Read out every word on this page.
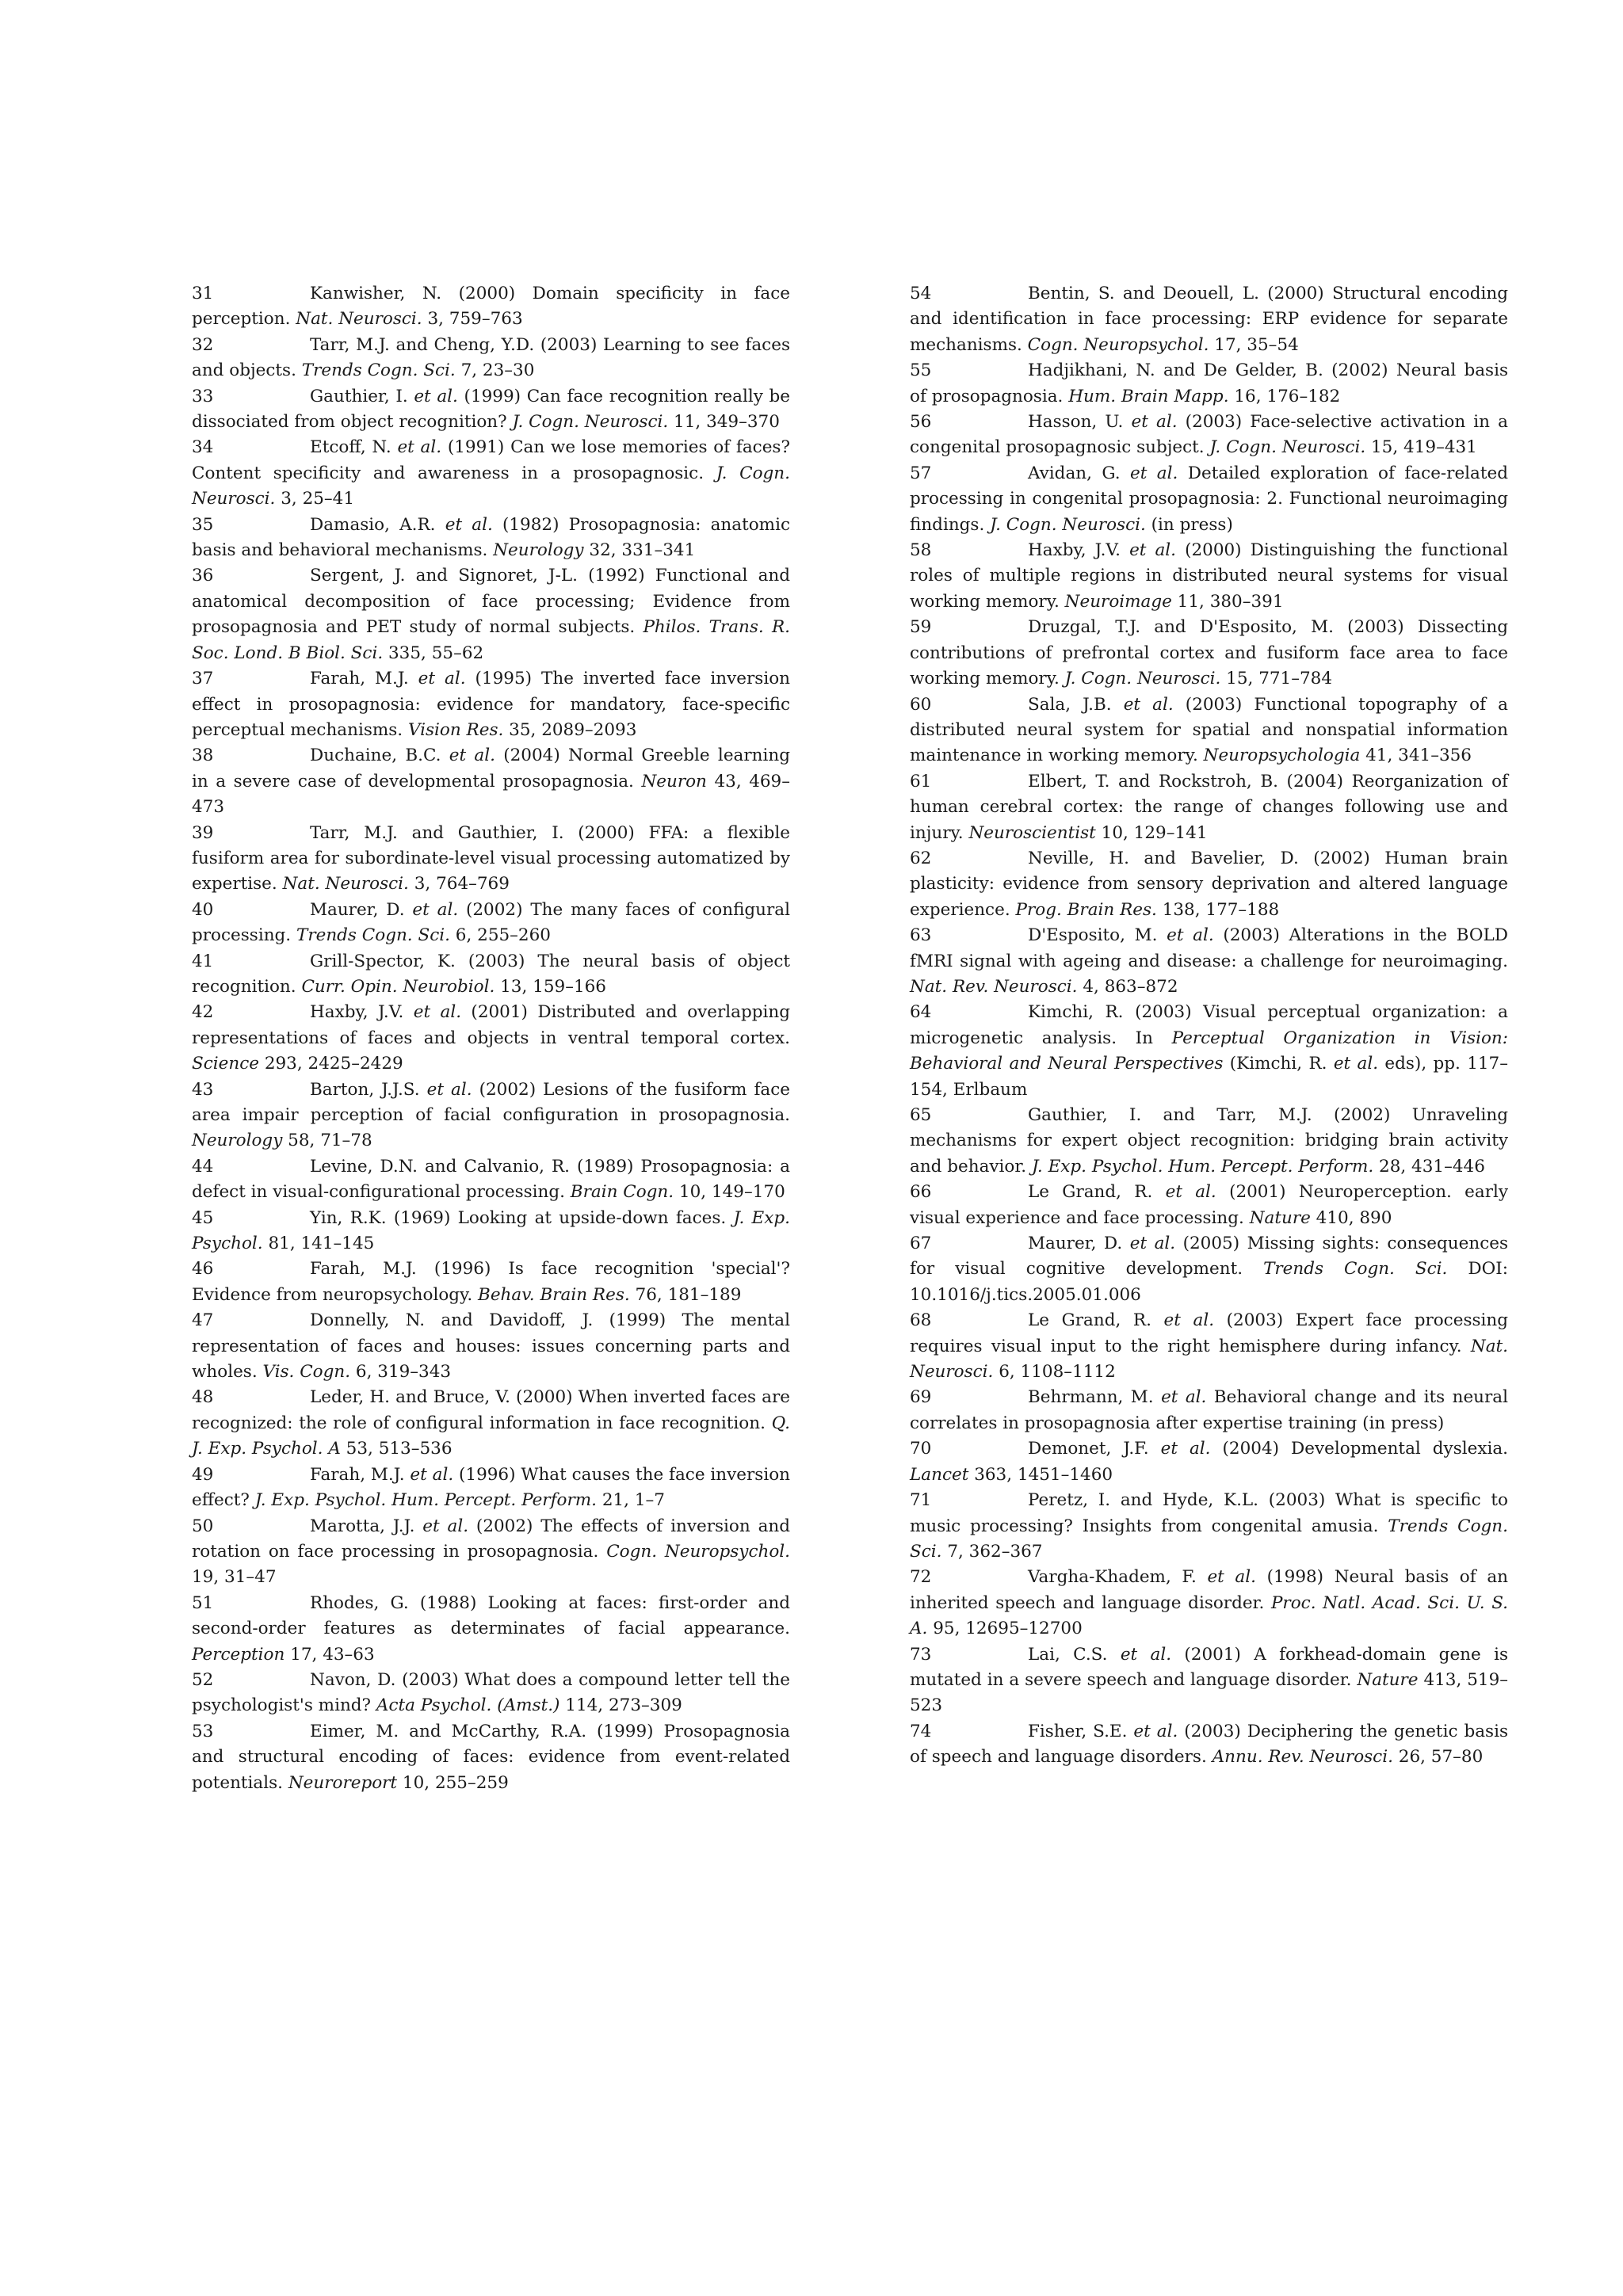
31	Kanwisher, N. (2000) Domain specificity in face perception. Nat. Neurosci. 3, 759–763

32	Tarr, M.J. and Cheng, Y.D. (2003) Learning to see faces and objects. Trends Cogn. Sci. 7, 23–30

33	Gauthier, I. et al. (1999) Can face recognition really be dissociated from object recognition? J. Cogn. Neurosci. 11, 349–370

34	Etcoff, N. et al. (1991) Can we lose memories of faces? Content specificity and awareness in a prosopagnosic. J. Cogn. Neurosci. 3, 25–41

35	Damasio, A.R. et al. (1982) Prosopagnosia: anatomic basis and behavioral mechanisms. Neurology 32, 331–341

36	Sergent, J. and Signoret, J-L. (1992) Functional and anatomical decomposition of face processing; Evidence from prosopagnosia and PET study of normal subjects. Philos. Trans. R. Soc. Lond. B Biol. Sci. 335, 55–62

37	Farah, M.J. et al. (1995) The inverted face inversion effect in prosopagnosia: evidence for mandatory, face-specific perceptual mechanisms. Vision Res. 35, 2089–2093

38	Duchaine, B.C. et al. (2004) Normal Greeble learning in a severe case of developmental prosopagnosia. Neuron 43, 469–473

39	Tarr, M.J. and Gauthier, I. (2000) FFA: a flexible fusiform area for subordinate-level visual processing automatized by expertise. Nat. Neurosci. 3, 764–769

40	Maurer, D. et al. (2002) The many faces of configural processing. Trends Cogn. Sci. 6, 255–260

41	Grill-Spector, K. (2003) The neural basis of object recognition. Curr. Opin. Neurobiol. 13, 159–166

42	Haxby, J.V. et al. (2001) Distributed and overlapping representations of faces and objects in ventral temporal cortex. Science 293, 2425–2429

43	Barton, J.J.S. et al. (2002) Lesions of the fusiform face area impair perception of facial configuration in prosopagnosia. Neurology 58, 71–78

44	Levine, D.N. and Calvanio, R. (1989) Prosopagnosia: a defect in visual-configurational processing. Brain Cogn. 10, 149–170

45	Yin, R.K. (1969) Looking at upside-down faces. J. Exp. Psychol. 81, 141–145

46	Farah, M.J. (1996) Is face recognition 'special'? Evidence from neuropsychology. Behav. Brain Res. 76, 181–189

47	Donnelly, N. and Davidoff, J. (1999) The mental representation of faces and houses: issues concerning parts and wholes. Vis. Cogn. 6, 319–343

48	Leder, H. and Bruce, V. (2000) When inverted faces are recognized: the role of configural information in face recognition. Q. J. Exp. Psychol. A 53, 513–536

49	Farah, M.J. et al. (1996) What causes the face inversion effect? J. Exp. Psychol. Hum. Percept. Perform. 21, 1–7

50	Marotta, J.J. et al. (2002) The effects of inversion and rotation on face processing in prosopagnosia. Cogn. Neuropsychol. 19, 31–47

51	Rhodes, G. (1988) Looking at faces: first-order and second-order features as determinates of facial appearance. Perception 17, 43–63

52	Navon, D. (2003) What does a compound letter tell the psychologist's mind? Acta Psychol. (Amst.) 114, 273–309

53	Eimer, M. and McCarthy, R.A. (1999) Prosopagnosia and structural encoding of faces: evidence from event-related potentials. Neuroreport 10, 255–259

54	Bentin, S. and Deouell, L. (2000) Structural encoding and identification in face processing: ERP evidence for separate mechanisms. Cogn. Neuropsychol. 17, 35–54

55	Hadjikhani, N. and De Gelder, B. (2002) Neural basis of prosopagnosia. Hum. Brain Mapp. 16, 176–182

56	Hasson, U. et al. (2003) Face-selective activation in a congenital prosopagnosic subject. J. Cogn. Neurosci. 15, 419–431

57	Avidan, G. et al. Detailed exploration of face-related processing in congenital prosopagnosia: 2. Functional neuroimaging findings. J. Cogn. Neurosci. (in press)

58	Haxby, J.V. et al. (2000) Distinguishing the functional roles of multiple regions in distributed neural systems for visual working memory. Neuroimage 11, 380–391

59	Druzgal, T.J. and D'Esposito, M. (2003) Dissecting contributions of prefrontal cortex and fusiform face area to face working memory. J. Cogn. Neurosci. 15, 771–784

60	Sala, J.B. et al. (2003) Functional topography of a distributed neural system for spatial and nonspatial information maintenance in working memory. Neuropsychologia 41, 341–356

61	Elbert, T. and Rockstroh, B. (2004) Reorganization of human cerebral cortex: the range of changes following use and injury. Neuroscientist 10, 129–141

62	Neville, H. and Bavelier, D. (2002) Human brain plasticity: evidence from sensory deprivation and altered language experience. Prog. Brain Res. 138, 177–188

63	D'Esposito, M. et al. (2003) Alterations in the BOLD fMRI signal with ageing and disease: a challenge for neuroimaging. Nat. Rev. Neurosci. 4, 863–872

64	Kimchi, R. (2003) Visual perceptual organization: a microgenetic analysis. In Perceptual Organization in Vision: Behavioral and Neural Perspectives (Kimchi, R. et al. eds), pp. 117–154, Erlbaum

65	Gauthier, I. and Tarr, M.J. (2002) Unraveling mechanisms for expert object recognition: bridging brain activity and behavior. J. Exp. Psychol. Hum. Percept. Perform. 28, 431–446

66	Le Grand, R. et al. (2001) Neuroperception. early visual experience and face processing. Nature 410, 890

67	Maurer, D. et al. (2005) Missing sights: consequences for visual cognitive development. Trends Cogn. Sci. DOI: 10.1016/j.tics.2005.01.006

68	Le Grand, R. et al. (2003) Expert face processing requires visual input to the right hemisphere during infancy. Nat. Neurosci. 6, 1108–1112

69	Behrmann, M. et al. Behavioral change and its neural correlates in prosopagnosia after expertise training (in press)

70	Demonet, J.F. et al. (2004) Developmental dyslexia. Lancet 363, 1451–1460

71	Peretz, I. and Hyde, K.L. (2003) What is specific to music processing? Insights from congenital amusia. Trends Cogn. Sci. 7, 362–367

72	Vargha-Khadem, F. et al. (1998) Neural basis of an inherited speech and language disorder. Proc. Natl. Acad. Sci. U. S. A. 95, 12695–12700

73	Lai, C.S. et al. (2001) A forkhead-domain gene is mutated in a severe speech and language disorder. Nature 413, 519–523

74	Fisher, S.E. et al. (2003) Deciphering the genetic basis of speech and language disorders. Annu. Rev. Neurosci. 26, 57–80
